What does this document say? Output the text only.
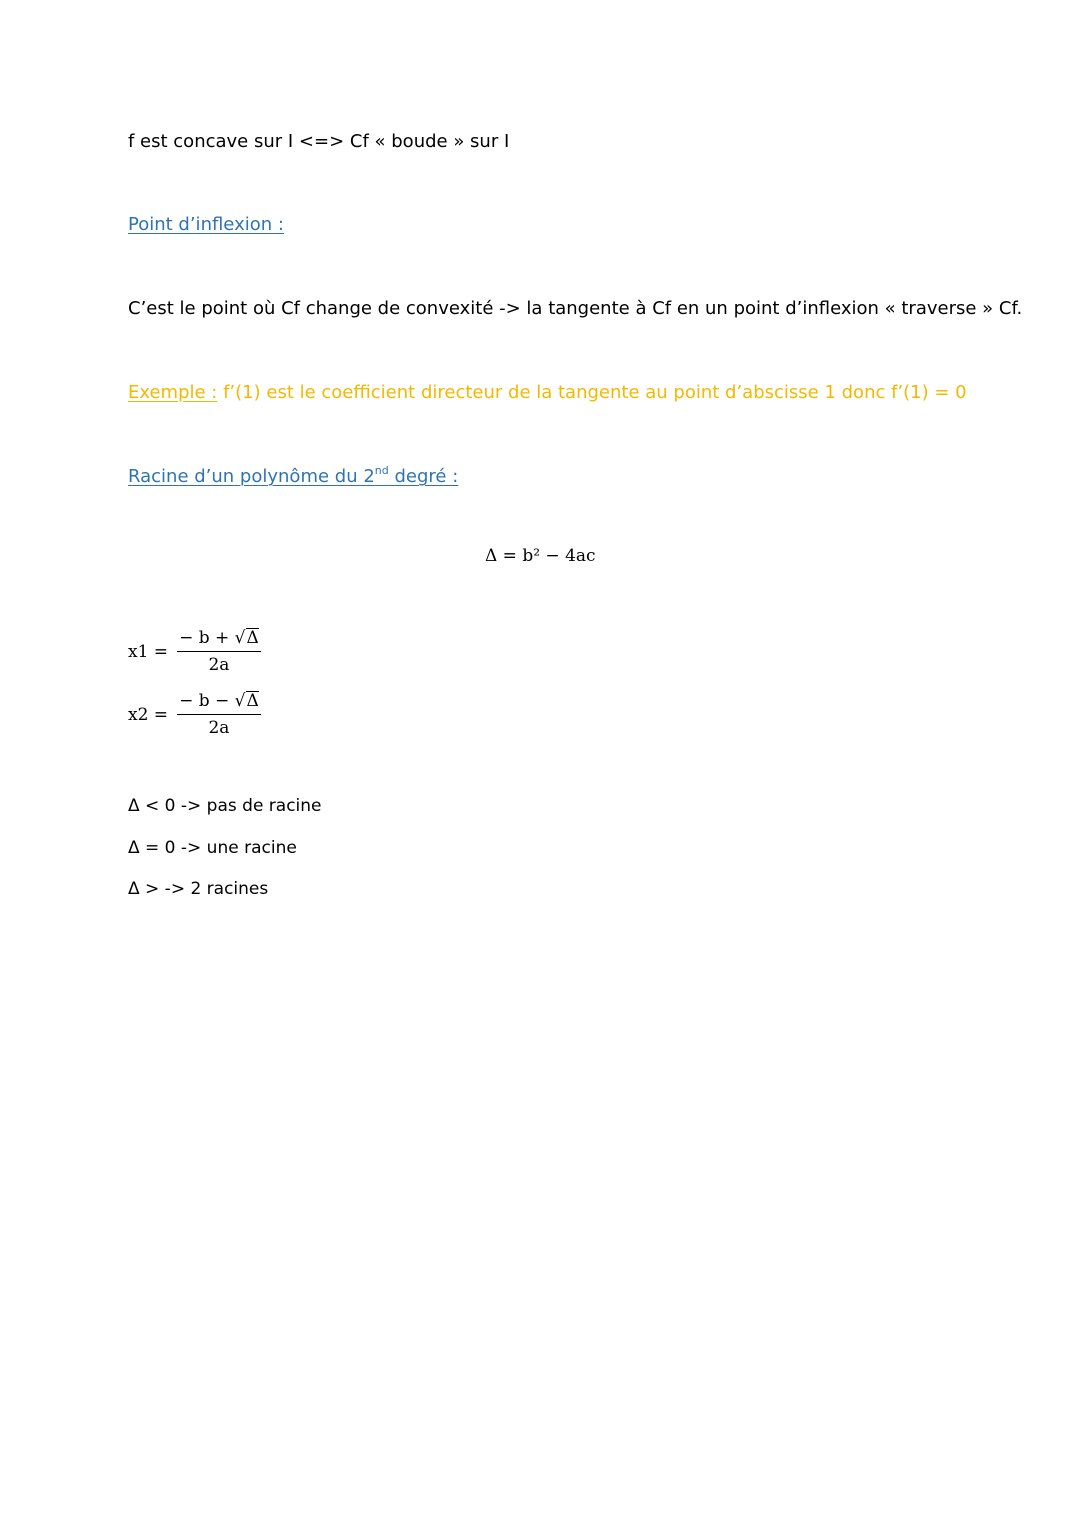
f est concave sur I <=> Cf « boude » sur I
Point d’inflexion :
C’est le point où Cf change de convexité -> la tangente à Cf en un point d’inflexion « traverse » Cf.
Exemple : f’(1) est le coefficient directeur de la tangente au point d’abscisse 1 donc f’(1) = 0
Racine d’un polynôme du 2nd degré :
Δ = b² − 4ac
$x1 = \frac{- b + √\Delta}{2a}$
$x2 = \frac{- b - √\Delta}{2a}$
Δ < 0 -> pas de racine
Δ = 0 -> une racine
Δ > -> 2 racines
